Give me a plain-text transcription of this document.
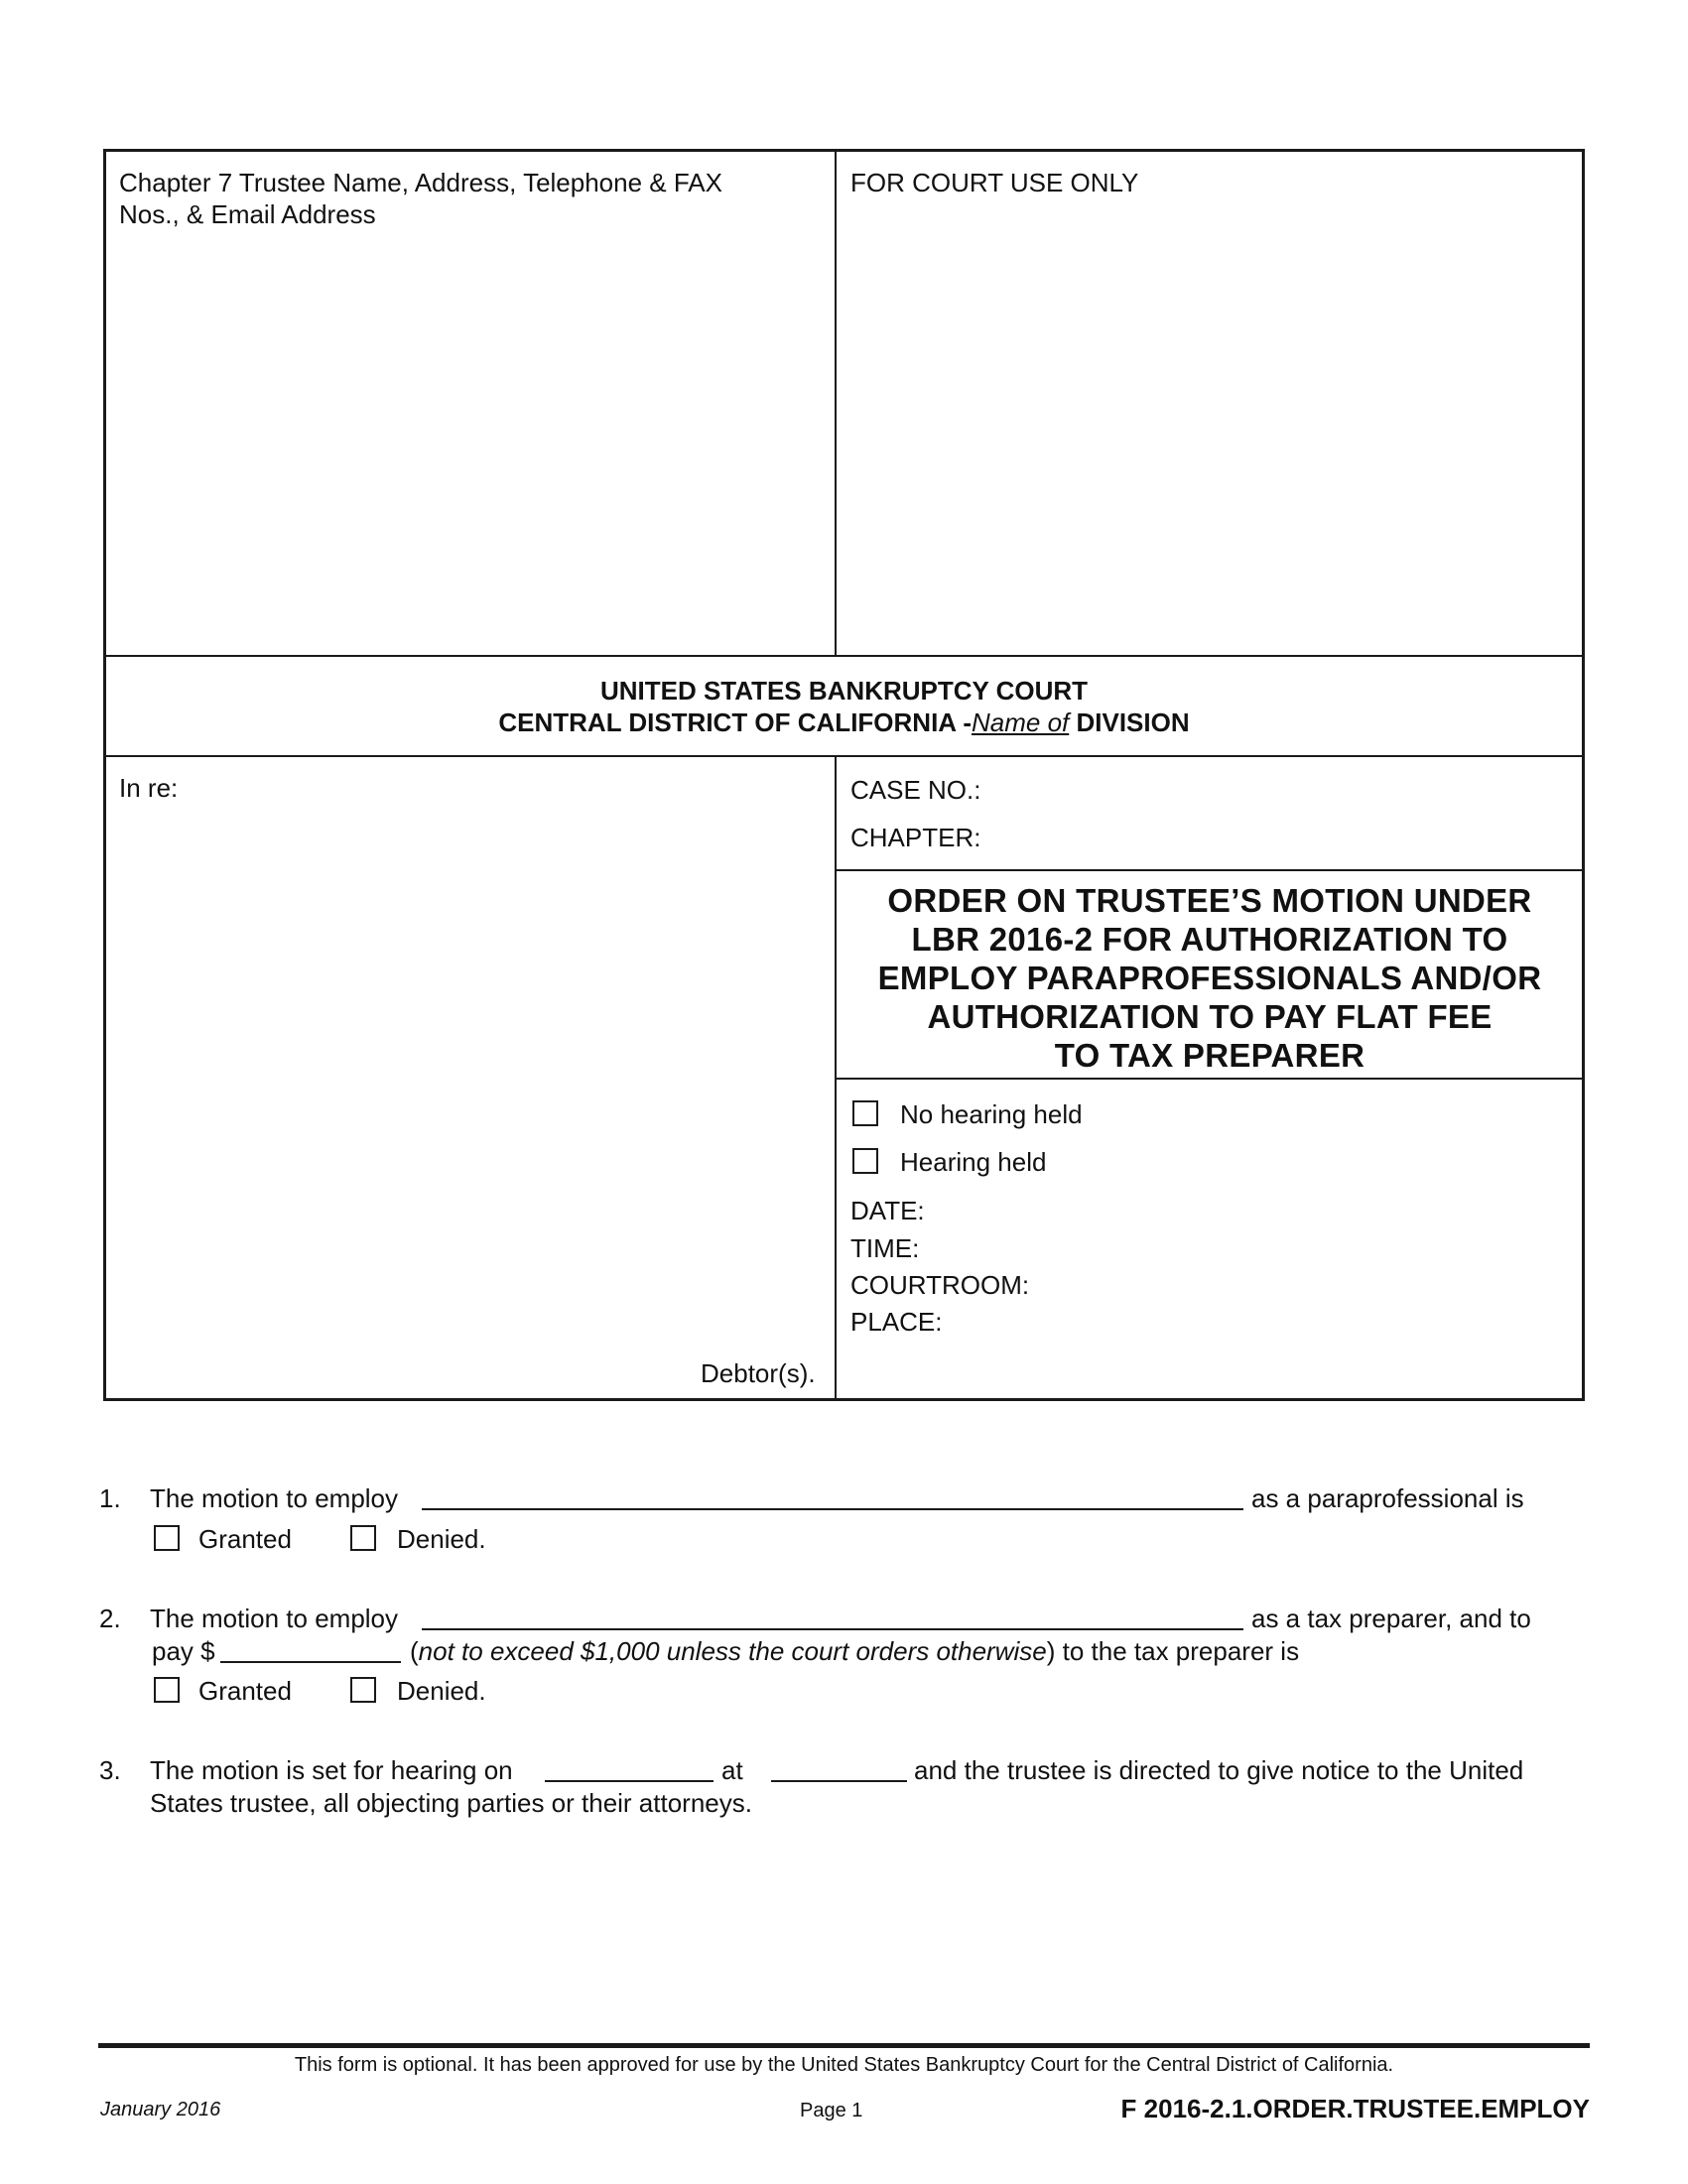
Chapter 7 Trustee Name, Address, Telephone & FAX
Nos., & Email Address
FOR COURT USE ONLY
UNITED STATES BANKRUPTCY COURT
CENTRAL DISTRICT OF CALIFORNIA -Name of DIVISION
In re:
Debtor(s).
CASE NO.:
CHAPTER:
ORDER ON TRUSTEE’S MOTION UNDER
LBR 2016-2 FOR AUTHORIZATION TO
EMPLOY PARAPROFESSIONALS AND/OR
AUTHORIZATION TO PAY FLAT FEE
TO TAX PREPARER
No hearing held
Hearing held
DATE:
TIME:
COURTROOM:
PLACE:
1. The motion to employ	as a paraprofessional is
Granted	Denied.
2. The motion to employ	as a tax preparer, and to
pay $	(not to exceed $1,000 unless the court orders otherwise) to the tax preparer is
Granted	Denied.
3. The motion is set for hearing on	at	and the trustee is directed to give notice to the United
States trustee, all objecting parties or their attorneys.
This form is optional. It has been approved for use by the United States Bankruptcy Court for the Central District of California.
January 2016	Page 1	F 2016-2.1.ORDER.TRUSTEE.EMPLOY
